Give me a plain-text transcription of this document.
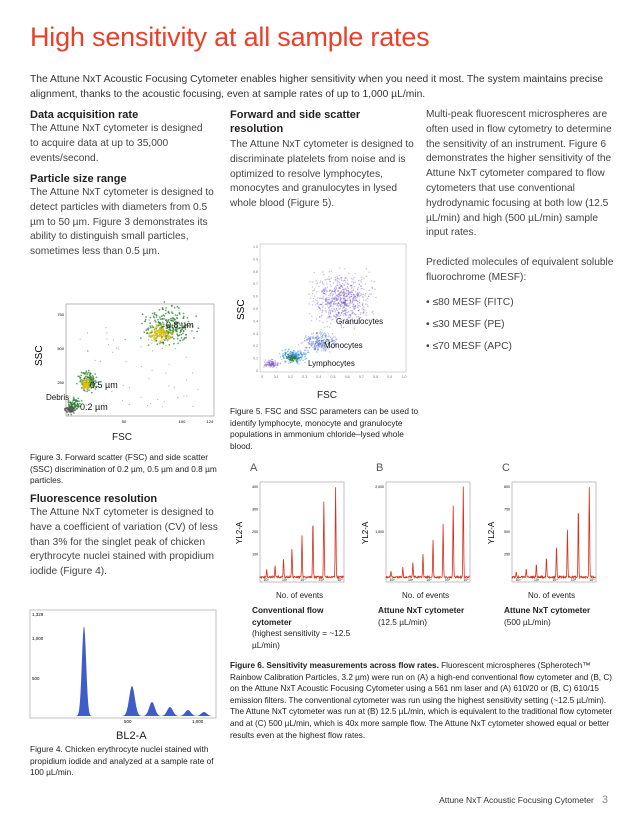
High sensitivity at all sample rates
The Attune NxT Acoustic Focusing Cytometer enables higher sensitivity when you need it most. The system maintains precise alignment, thanks to the acoustic focusing, even at sample rates of up to 1,000 µL/min.
Data acquisition rate
The Attune NxT cytometer is designed to acquire data at up to 35,000 events/second.
Particle size range
The Attune NxT cytometer is designed to detect particles with diameters from 0.5 µm to 50 µm. Figure 3 demonstrates its ability to distinguish small particles, sometimes less than 0.5 µm.
SSC
750
500
250
50	100	124
0.8 µm
0.5 µm
0.2 µm
Debris
FSC
Figure 3. Forward scatter (FSC) and side scatter (SSC) discrimination of 0.2 µm, 0.5 µm and 0.8 µm particles.
Fluorescence resolution
The Attune NxT cytometer is designed to have a coefficient of variation (CV) of less than 3% for the singlet peak of chicken erythrocyte nuclei stained with propidium iodide (Figure 4).
1,329
1,000
500
500	1,000
BL2-A
Figure 4. Chicken erythrocyte nuclei stained with propidium iodide and analyzed at a sample rate of 100 µL/min.
Forward and side scatter resolution
The Attune NxT cytometer is designed to discriminate platelets from noise and is optimized to resolve lymphocytes, monocytes and granulocytes in lysed whole blood (Figure 5).
1.0
0.9
0.8
0.7
0.6
0.5
0.4
0.3
0.2
0.1
0
0	0.1	0.2	0.3	0.4	0.5	0.6	0.7	0.8	0.9	1.0
SSC
Granulocytes
Monocytes
Lymphocytes
FSC
Figure 5. FSC and SSC parameters can be used to identify lymphocyte, monocyte and granulocyte populations in ammonium chloride–lysed whole blood.
Multi-peak fluorescent microspheres are often used in flow cytometry to determine the sensitivity of an instrument. Figure 6 demonstrates the higher sensitivity of the Attune NxT cytometer compared to flow cytometers that use conventional hydrodynamic focusing at both low (12.5 µL/min) and high (500 µL/min) sample input rates.
Predicted molecules of equivalent soluble fluorochrome (MESF):
• ≤80 MESF (FITC)
• ≤30 MESF (PE)
• ≤70 MESF (APC)
A
YL2-A
400
300
200
100
10²	10³	10⁴	10⁵	10⁶
No. of events
Conventional flow cytometer
(highest sensitivity = ~12.5 µL/min)
B
YL2-A
2,000
1,000
10²	10³	10⁴	10⁵	10⁶
No. of events
Attune NxT cytometer
(12.5 µL/min)
C
YL2-A
800
750
500
250
10²	10³	10⁴	10⁵	10⁶
No. of events
Attune NxT cytometer
(500 µL/min)
Figure 6. Sensitivity measurements across flow rates. Fluorescent microspheres (Spherotech™ Rainbow Calibration Particles, 3.2 µm) were run on (A) a high-end conventional flow cytometer and (B, C) on the Attune NxT Acoustic Focusing Cytometer using a 561 nm laser and (A) 610/20 or (B, C) 610/15 emission filters. The conventional cytometer was run using the highest sensitivity setting (~12.5 µL/min). The Attune NxT cytometer was run at (B) 12.5 µL/min, which is equivalent to the traditional flow cytometer and at (C) 500 µL/min, which is 40x more sample flow. The Attune NxT cytometer showed equal or better results even at the highest flow rates.
Attune NxT Acoustic Focusing Cytometer 3
